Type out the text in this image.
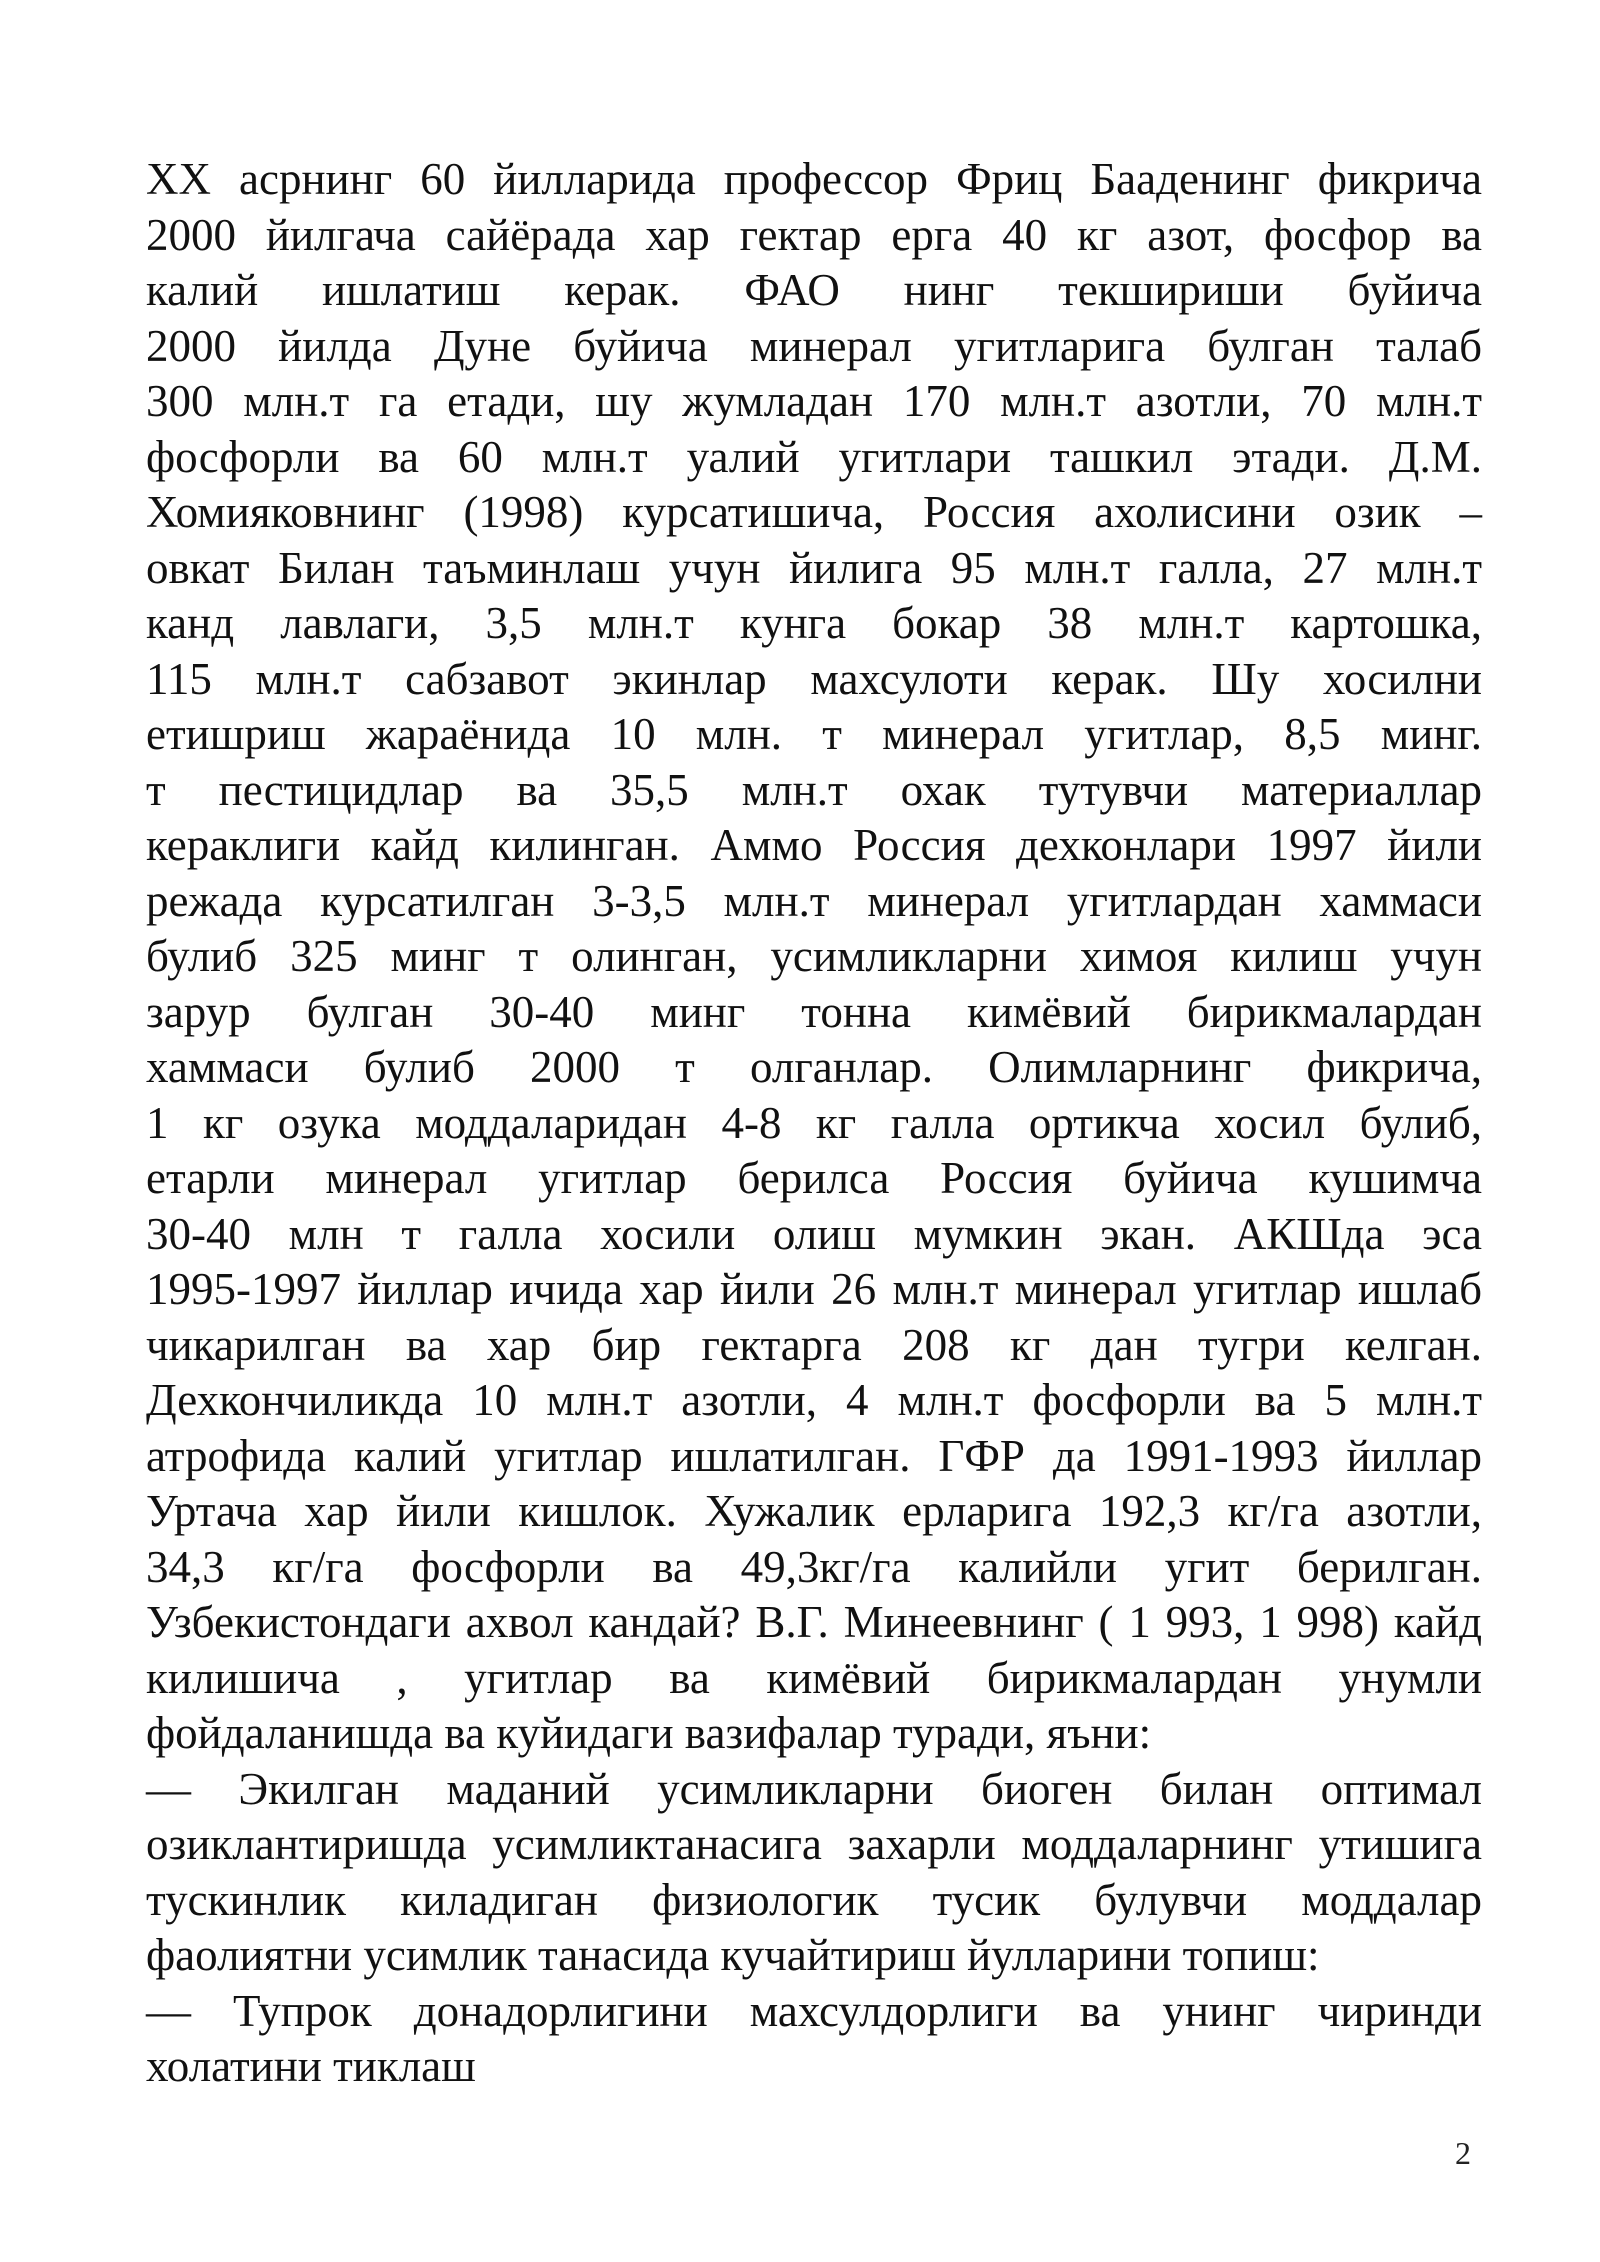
XX асрнинг 60 йилларида профессор Фриц Бааденинг фикрича
2000 йилгача сайёрада хар гектар ерга 40 кг азот, фосфор ва
калий ишлатиш керак. ФАО нинг текшириши буйича
2000 йилда Дуне буйича минерал угитларига булган талаб
300 млн.т га етади, шу жумладан 170 млн.т азотли, 70 млн.т
фосфорли ва 60 млн.т уалий угитлари ташкил этади. Д.М.
Хомияковнинг (1998) курсатишича, Россия ахолисини озик –
овкат Билан таъминлаш учун йилига 95 млн.т галла, 27 млн.т
канд лавлаги, 3,5 млн.т кунга бокар 38 млн.т картошка,
115 млн.т сабзавот экинлар махсулоти керак. Шу хосилни
етишриш жараёнида 10 млн. т минерал угитлар, 8,5 минг.
т пестицидлар ва 35,5 млн.т охак тутувчи материаллар
кераклиги кайд килинган. Аммо Россия дехконлари 1997 йили
режада курсатилган 3-3,5 млн.т минерал угитлардан хаммаси
булиб 325 минг т олинган, усимликларни химоя килиш учун
зарур булган 30-40 минг тонна кимёвий бирикмалардан
хаммаси булиб 2000 т олганлар. Олимларнинг фикрича,
1 кг озука моддаларидан 4-8 кг галла ортикча хосил булиб,
етарли минерал угитлар берилса Россия буйича кушимча
30-40 млн т галла хосили олиш мумкин экан. АКШда эса
1995-1997 йиллар ичида хар йили 26 млн.т минерал угитлар ишлаб
чикарилган ва хар бир гектарга 208 кг дан тугри келган.
Дехкончиликда 10 млн.т азотли, 4 млн.т фосфорли ва 5 млн.т
атрофида калий угитлар ишлатилган. ГФР да 1991-1993 йиллар
Уртача хар йили кишлок. Хужалик ерларига 192,3 кг/га азотли,
34,3 кг/га фосфорли ва 49,3кг/га калийли угит берилган.
Узбекистондаги ахвол кандай? В.Г. Минеевнинг ( 1 993, 1 998) кайд
килишича , угитлар ва кимёвий бирикмалардан унумли
фойдаланишда ва куйидаги вазифалар туради, яъни:
— Экилган маданий усимликларни биоген билан оптимал
озиклантиришда усимликтанасига захарли моддаларнинг утишига
тускинлик киладиган физиологик тусик булувчи моддалар
фаолиятни усимлик танасида кучайтириш йулларини топиш:
— Тупрок донадорлигини махсулдорлиги ва унинг чиринди
холатини тиклаш
2
